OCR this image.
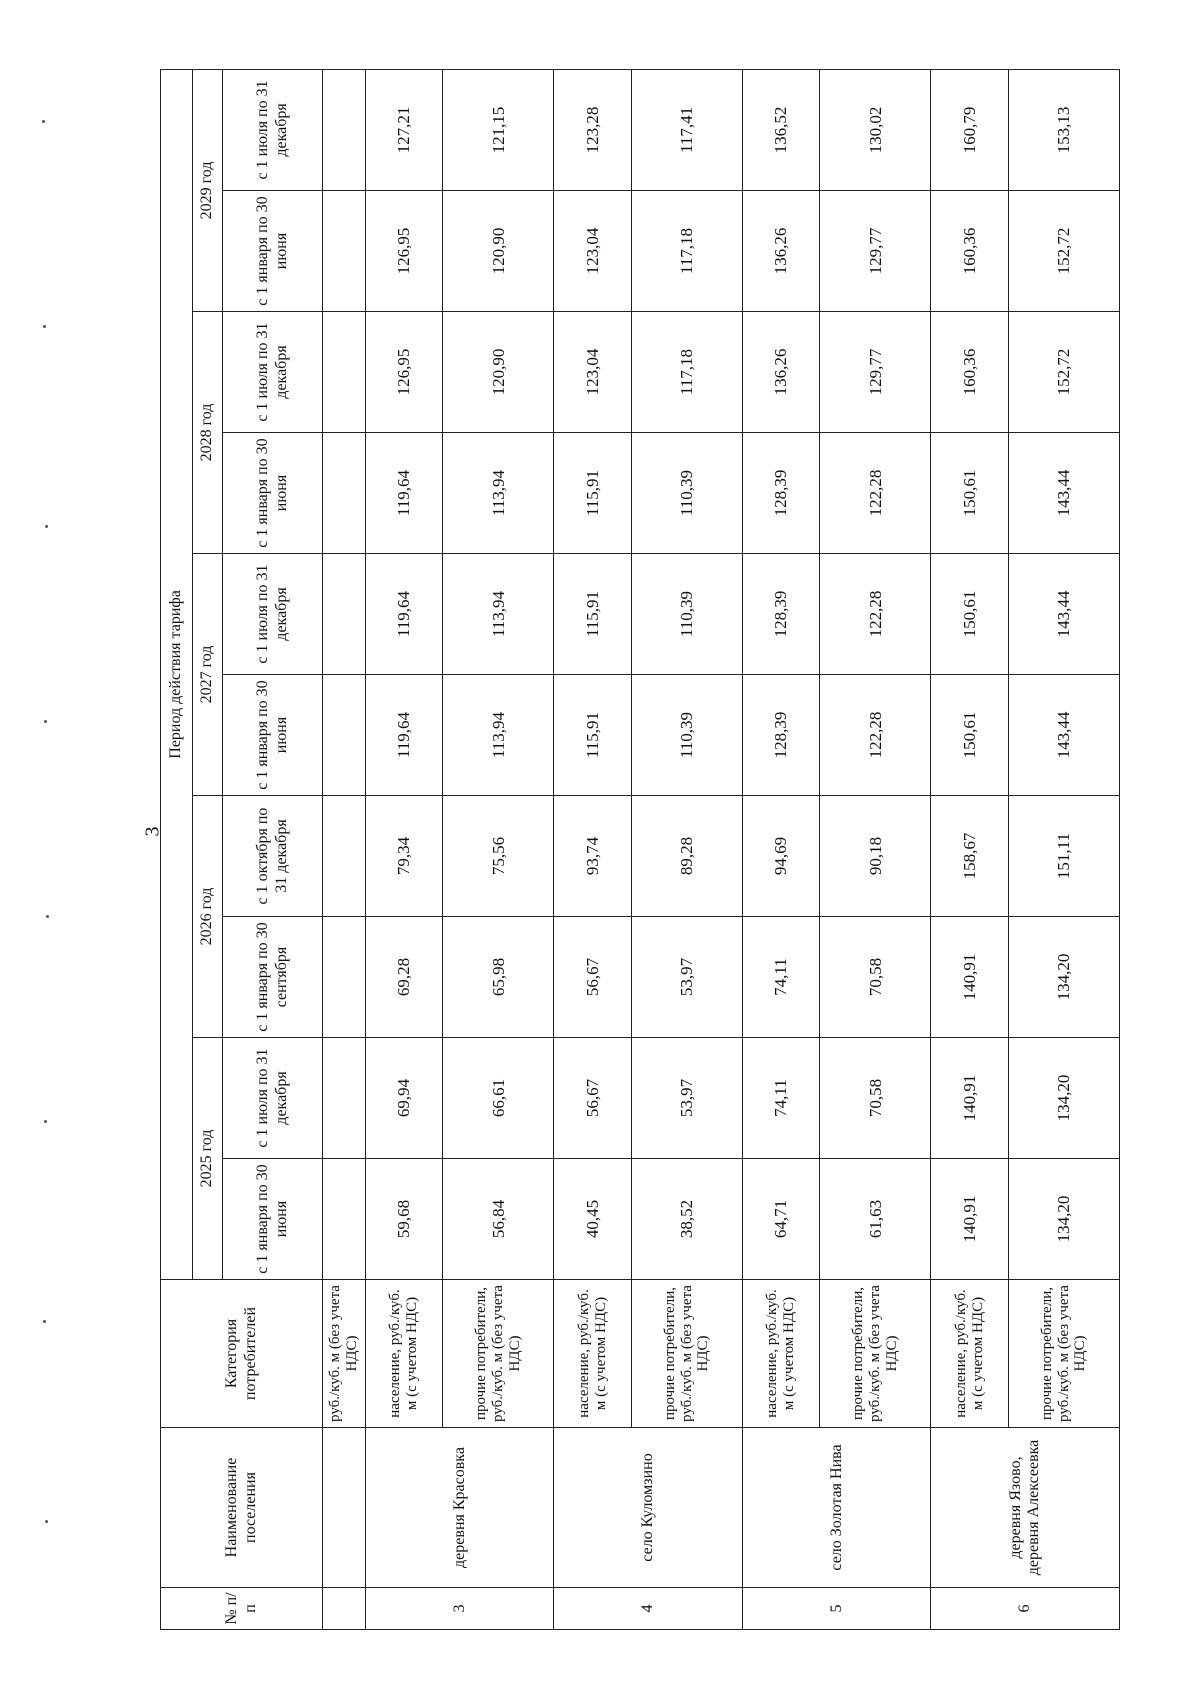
3
№ п/п	Наименование поселения	Категория потребителей	Период действия тарифа									
			2025 год		2026 год		2027 год		2028 год		2029 год	
			с 1 января по 30 июня	с 1 июля по 31 декабря	с 1 января по 30 сентября	с 1 октября по 31 декабря	с 1 января по 30 июня	с 1 июля по 31 декабря	с 1 января по 30 июня	с 1 июля по 31 декабря	с 1 января по 30 июня	с 1 июля по 31 декабря
		руб./куб. м (без учета НДС)										
3	деревня Красовка	население, руб./куб. м (с учетом НДС)	59,68	69,94	69,28	79,34	119,64	119,64	119,64	126,95	126,95	127,21
		прочие потребители, руб./куб. м (без учета НДС)	56,84	66,61	65,98	75,56	113,94	113,94	113,94	120,90	120,90	121,15
4	село Куломзино	население, руб./куб. м (с учетом НДС)	40,45	56,67	56,67	93,74	115,91	115,91	115,91	123,04	123,04	123,28
		прочие потребители, руб./куб. м (без учета НДС)	38,52	53,97	53,97	89,28	110,39	110,39	110,39	117,18	117,18	117,41
5	село Золотая Нива	население, руб./куб. м (с учетом НДС)	64,71	74,11	74,11	94,69	128,39	128,39	128,39	136,26	136,26	136,52
		прочие потребители, руб./куб. м (без учета НДС)	61,63	70,58	70,58	90,18	122,28	122,28	122,28	129,77	129,77	130,02
6	деревня Язово, деревня Алексеевка	население, руб./куб. м (с учетом НДС)	140,91	140,91	140,91	158,67	150,61	150,61	150,61	160,36	160,36	160,79
		прочие потребители, руб./куб. м (без учета НДС)	134,20	134,20	134,20	151,11	143,44	143,44	143,44	152,72	152,72	153,13
